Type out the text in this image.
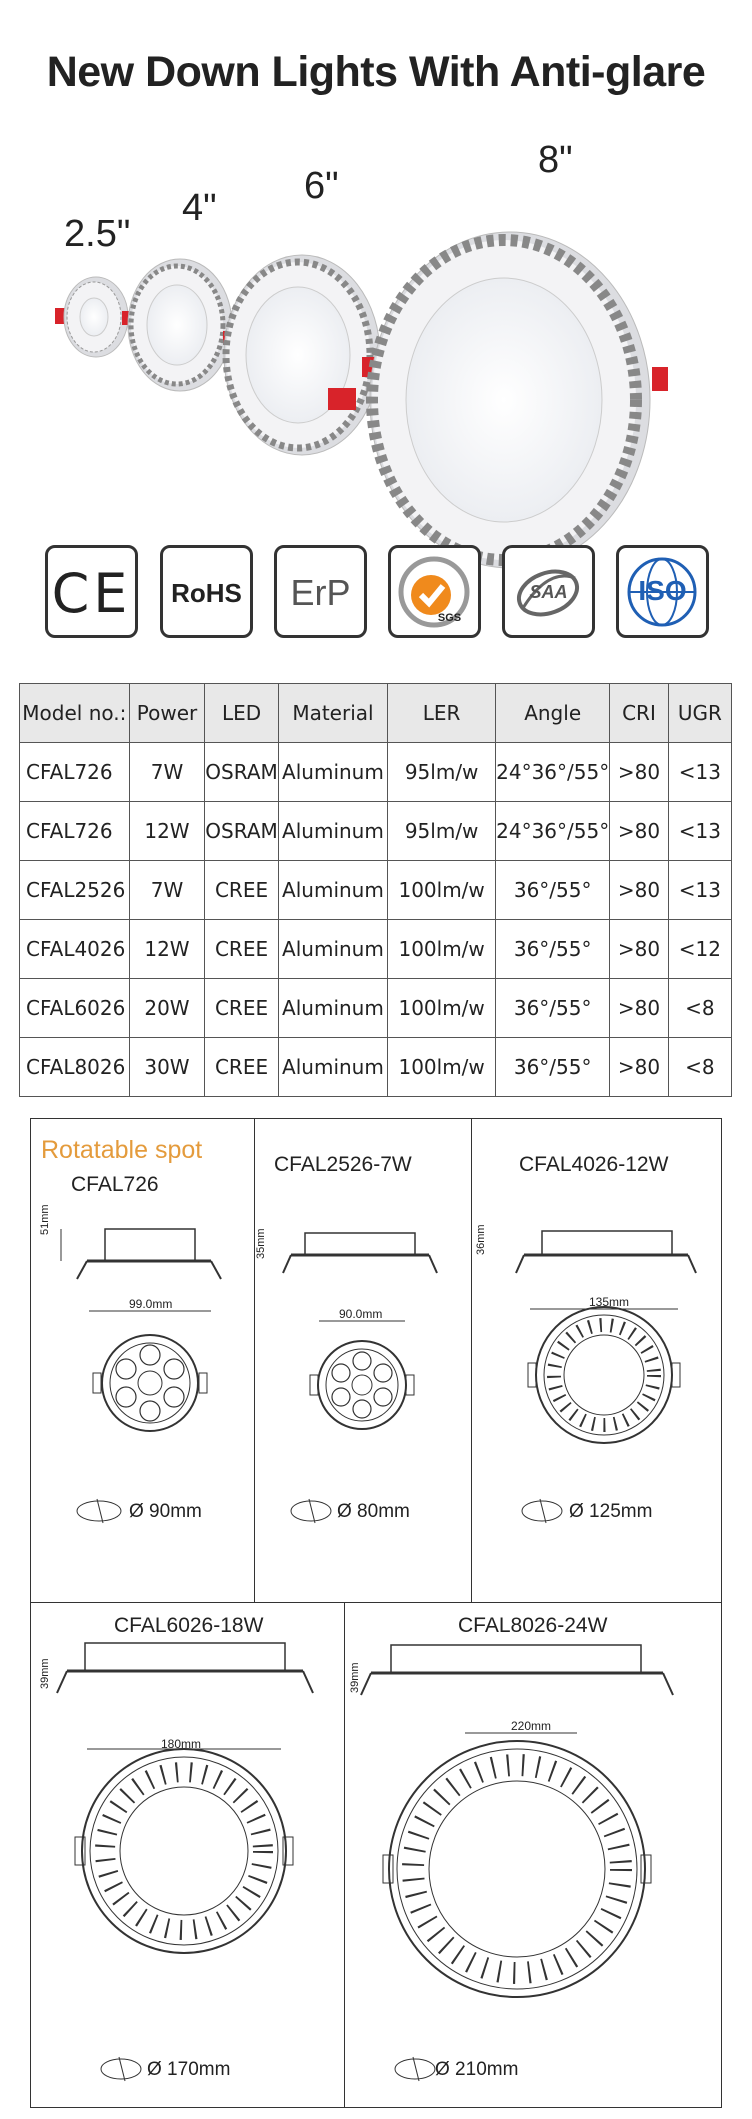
New Down Lights With Anti-glare
2.5"
4"
6"
8"
CE	RoHS	ErP
SGS
SAA	ISO
Model no.:	Power	LED	Material	LER	Angle	CRI	UGR
CFAL726	7W	OSRAM	Aluminum	95lm/w	24°36°/55°	>80	<13
CFAL726	12W	OSRAM	Aluminum	95lm/w	24°36°/55°	>80	<13
CFAL2526	7W	CREE	Aluminum	100lm/w	36°/55°	>80	<13
CFAL4026	12W	CREE	Aluminum	100lm/w	36°/55°	>80	<12
CFAL6026	20W	CREE	Aluminum	100lm/w	36°/55°	>80	<8
CFAL8026	30W	CREE	Aluminum	100lm/w	36°/55°	>80	<8
Rotatable spot
CFAL726
51mm
99.0mm
Ø 90mm
CFAL2526-7W
35mm
90.0mm
Ø 80mm
CFAL4026-12W
36mm
135mm
Ø 125mm
CFAL6026-18W
39mm
180mm
Ø 170mm
CFAL8026-24W
39mm
220mm
Ø 210mm
